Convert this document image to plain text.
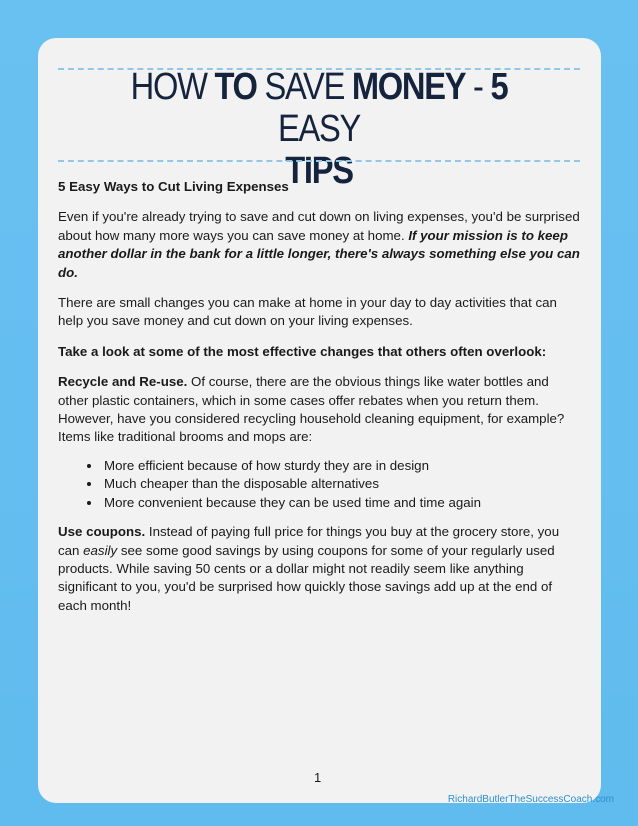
HOW TO SAVE MONEY - 5 EASY
TIPS

5 Easy Ways to Cut Living Expenses

Even if you're already trying to save and cut down on living expenses, you'd be surprised about how many more ways you can save money at home. If your mission is to keep another dollar in the bank for a little longer, there's always something else you can do.

There are small changes you can make at home in your day to day activities that can help you save money and cut down on your living expenses.

Take a look at some of the most effective changes that others often overlook:

Recycle and Re-use. Of course, there are the obvious things like water bottles and other plastic containers, which in some cases offer rebates when you return them. However, have you considered recycling household cleaning equipment, for example? Items like traditional brooms and mops are:

• More efficient because of how sturdy they are in design
• Much cheaper than the disposable alternatives
• More convenient because they can be used time and time again

Use coupons. Instead of paying full price for things you buy at the grocery store, you can easily see some good savings by using coupons for some of your regularly used products. While saving 50 cents or a dollar might not readily seem like anything significant to you, you'd be surprised how quickly those savings add up at the end of each month!

1
RichardButlerTheSuccessCoach.com
